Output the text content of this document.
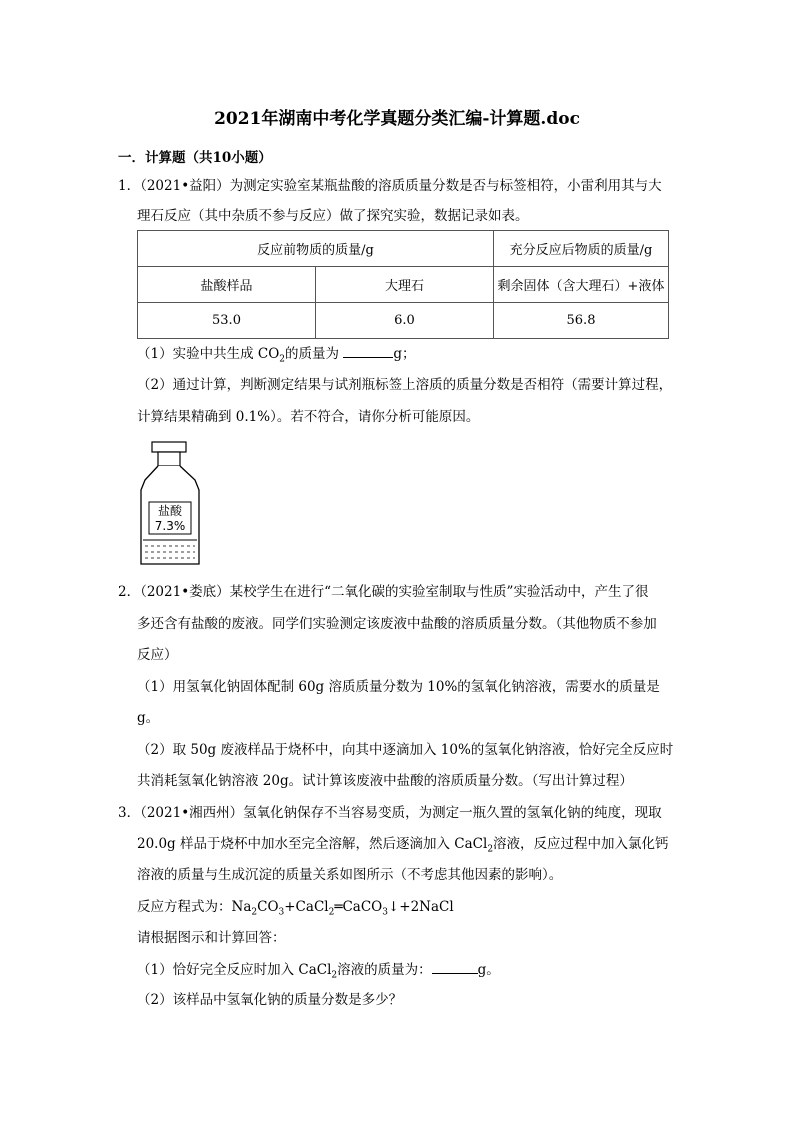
2021年湖南中考化学真题分类汇编-计算题.doc
一．计算题（共10小题）
1．（2021•益阳）为测定实验室某瓶盐酸的溶质质量分数是否与标签相符，小雷利用其与大
理石反应（其中杂质不参与反应）做了探究实验，数据记录如表。
反应前物质的质量/g		充分反应后物质的质量/g
盐酸样品	大理石	剩余固体（含大理石）+液体
53.0	6.0	56.8
（1）实验中共生成 $CO_2$的质量为	g；
（2）通过计算，判断测定结果与试剂瓶标签上溶质的质量分数是否相符（需要计算过程，
计算结果精确到 0.1%）。若不符合，请你分析可能原因。
盐酸
7.3%
2．（2021•娄底）某校学生在进行“二氧化碳的实验室制取与性质”实验活动中，产生了很
多还含有盐酸的废液。同学们实验测定该废液中盐酸的溶质质量分数。（其他物质不参加
反应）
（1）用氢氧化钠固体配制 60g 溶质质量分数为 10%的氢氧化钠溶液，需要水的质量是
g。
（2）取 50g 废液样品于烧杯中，向其中逐滴加入 10%的氢氧化钠溶液，恰好完全反应时
共消耗氢氧化钠溶液 20g。试计算该废液中盐酸的溶质质量分数。（写出计算过程）
3．（2021•湘西州）氢氧化钠保存不当容易变质，为测定一瓶久置的氢氧化钠的纯度，现取
20.0g 样品于烧杯中加水至完全溶解，然后逐滴加入 CaCl$_2$溶液，反应过程中加入氯化钙
溶液的质量与生成沉淀的质量关系如图所示（不考虑其他因素的影响）。
反应方程式为：$Na_2CO_3+CaCl_2═CaCO_3↓+2NaCl$
请根据图示和计算回答：
（1）恰好完全反应时加入 CaCl$_2$溶液的质量为：	g。
（2）该样品中氢氧化钠的质量分数是多少？
